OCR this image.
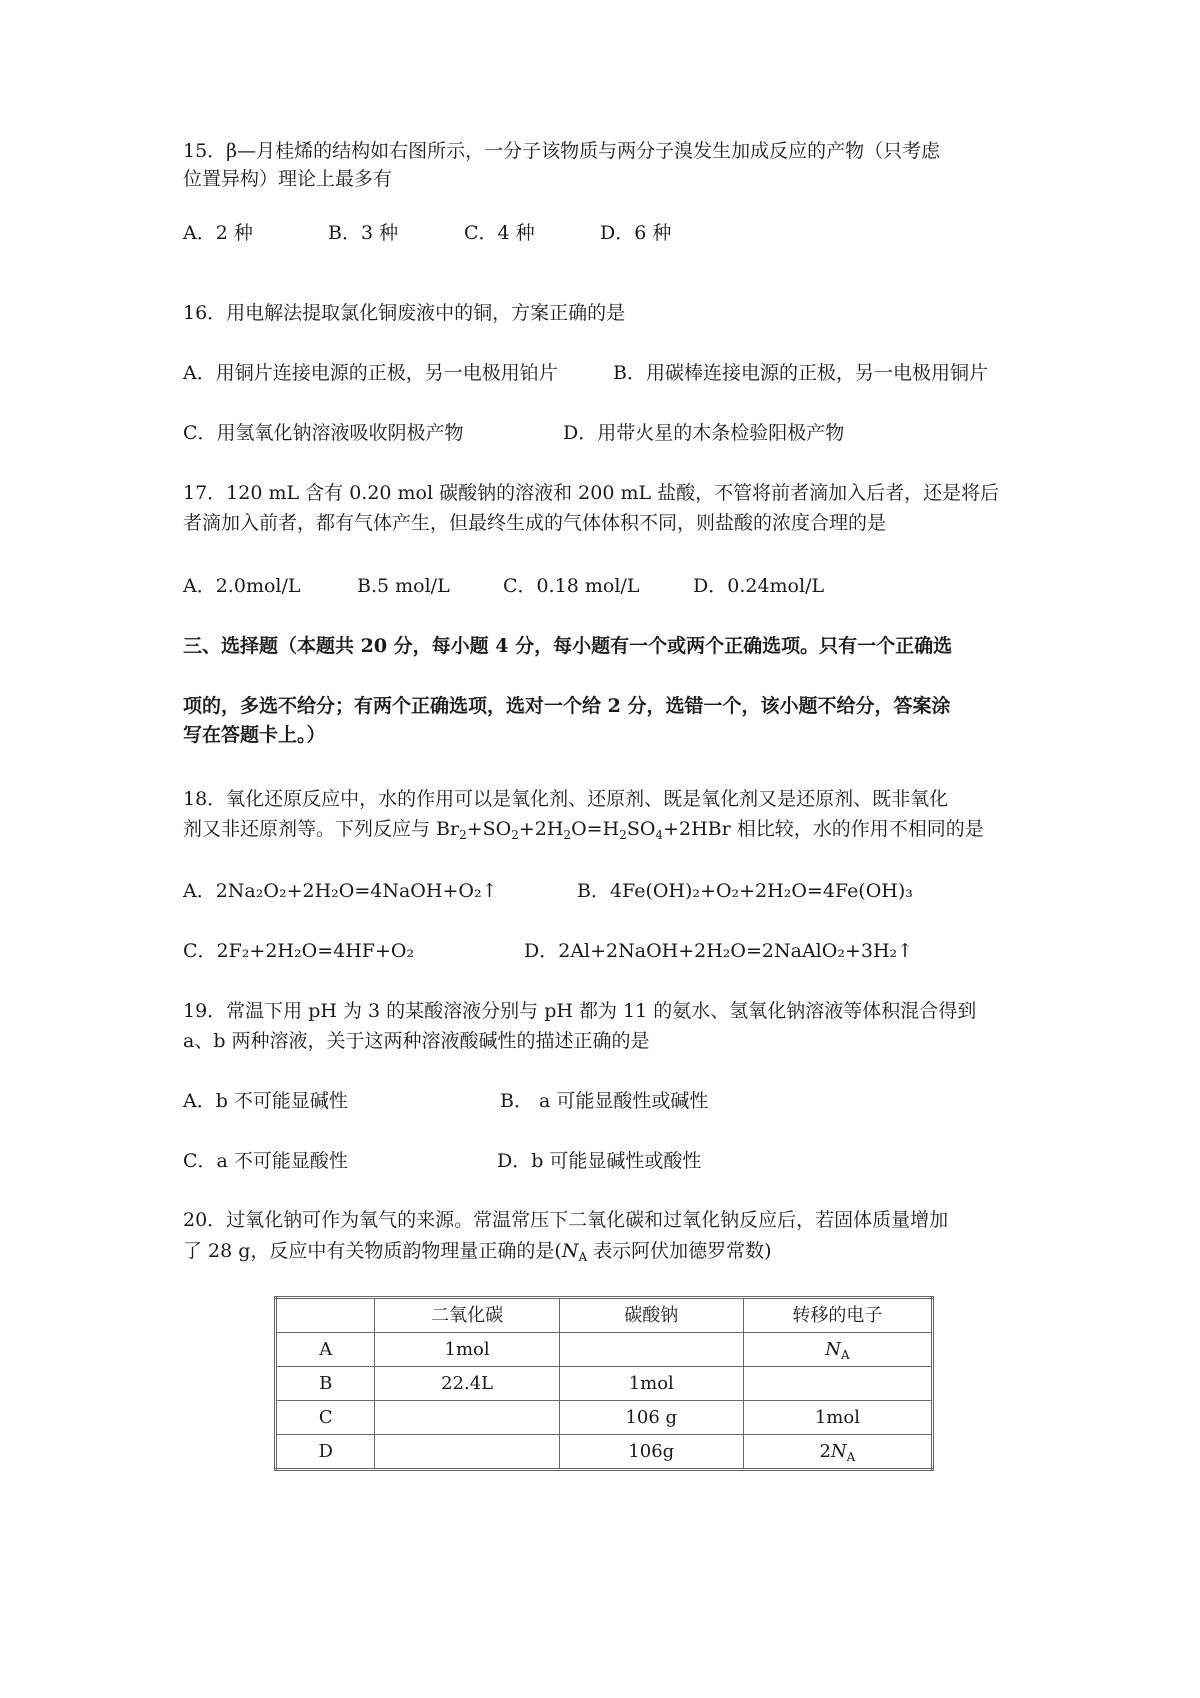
15．β—月桂烯的结构如右图所示，一分子该物质与两分子溴发生加成反应的产物（只考虑
位置异构）理论上最多有
A．2 种	B．3 种	C．4 种	D．6 种
16．用电解法提取氯化铜废液中的铜，方案正确的是
A．用铜片连接电源的正极，另一电极用铂片	B．用碳棒连接电源的正极，另一电极用铜片
C．用氢氧化钠溶液吸收阴极产物	D．用带火星的木条检验阳极产物
17．120 mL 含有 0.20 mol 碳酸钠的溶液和 200 mL 盐酸，不管将前者滴加入后者，还是将后
者滴加入前者，都有气体产生，但最终生成的气体体积不同，则盐酸的浓度合理的是
A．2.0mol/L	B.5 mol/L	C．0.18 mol/L	D．0.24mol/L
三、选择题（本题共 20 分，每小题 4 分，每小题有一个或两个正确选项。只有一个正确选
项的，多选不给分；有两个正确选项，选对一个给 2 分，选错一个，该小题不给分，答案涂
写在答题卡上。）
18．氧化还原反应中，水的作用可以是氧化剂、还原剂、既是氧化剂又是还原剂、既非氧化
剂又非还原剂等。下列反应与 $Br_2+SO_2+2H_2O=H_2SO_4+2HBr$ 相比较，水的作用不相同的是
A．2Na₂O₂+2H₂O=4NaOH+O₂↑	B．4Fe(OH)₂+O₂+2H₂O=4Fe(OH)₃
C．2F₂+2H₂O=4HF+O₂	D．2Al+2NaOH+2H₂O=2NaAlO₂+3H₂↑
19．常温下用 pH 为 3 的某酸溶液分别与 pH 都为 11 的氨水、氢氧化钠溶液等体积混合得到
a、b 两种溶液，关于这两种溶液酸碱性的描述正确的是
A．b 不可能显碱性	B． a 可能显酸性或碱性
C．a 不可能显酸性	D．b 可能显碱性或酸性
20．过氧化钠可作为氧气的来源。常温常压下二氧化碳和过氧化钠反应后，若固体质量增加
了 28 g，反应中有关物质韵物理量正确的是($N_A$ 表示阿伏加德罗常数)
	二氧化碳	碳酸钠	转移的电子
A	1mol		$N_A$
B	22.4L	1mol	
C		106 g	1mol
D		106g	$2N_A$
